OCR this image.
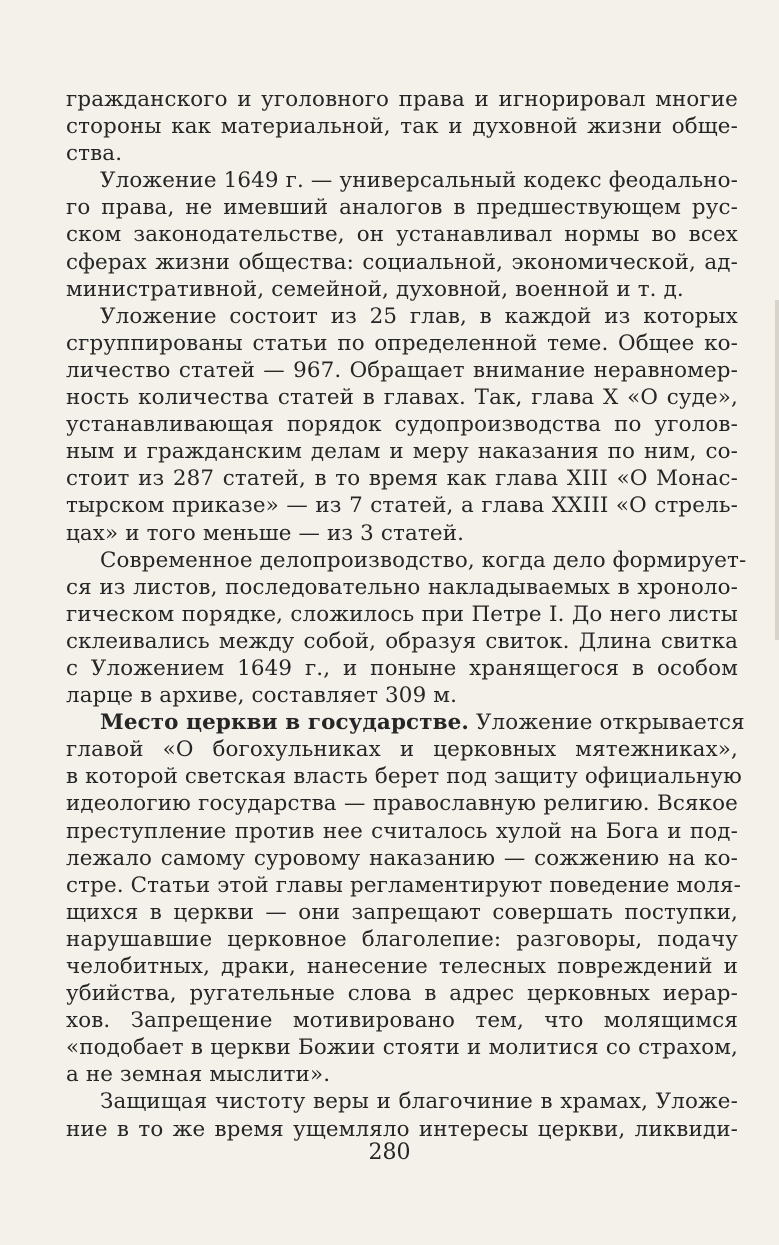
гражданского и уголовного права и игнорировал многие
стороны как материальной, так и духовной жизни обще-
ства.
Уложение 1649 г. — универсальный кодекс феодально-
го права, не имевший аналогов в предшествующем рус-
ском законодательстве, он устанавливал нормы во всех
сферах жизни общества: социальной, экономической, ад-
министративной, семейной, духовной, военной и т. д.
Уложение состоит из 25 глав, в каждой из которых
сгруппированы статьи по определенной теме. Общее ко-
личество статей — 967. Обращает внимание неравномер-
ность количества статей в главах. Так, глава X «О суде»,
устанавливающая порядок судопроизводства по уголов-
ным и гражданским делам и меру наказания по ним, со-
стоит из 287 статей, в то время как глава XIII «О Монас-
тырском приказе» — из 7 статей, а глава XXIII «О стрель-
цах» и того меньше — из 3 статей.
Современное делопроизводство, когда дело формирует-
ся из листов, последовательно накладываемых в хроноло-
гическом порядке, сложилось при Петре I. До него листы
склеивались между собой, образуя свиток. Длина свитка
с Уложением 1649 г., и поныне хранящегося в особом
ларце в архиве, составляет 309 м.
Место церкви в государстве. Уложение открывается
главой «О богохульниках и церковных мятежниках»,
в которой светская власть берет под защиту официальную
идеологию государства — православную религию. Всякое
преступление против нее считалось хулой на Бога и под-
лежало самому суровому наказанию — сожжению на ко-
стре. Статьи этой главы регламентируют поведение моля-
щихся в церкви — они запрещают совершать поступки,
нарушавшие церковное благолепие: разговоры, подачу
челобитных, драки, нанесение телесных повреждений и
убийства, ругательные слова в адрес церковных иерар-
хов. Запрещение мотивировано тем, что молящимся
«подобает в церкви Божии стояти и молитися со страхом,
а не земная мыслити».
Защищая чистоту веры и благочиние в храмах, Уложе-
ние в то же время ущемляло интересы церкви, ликвиди-
280
